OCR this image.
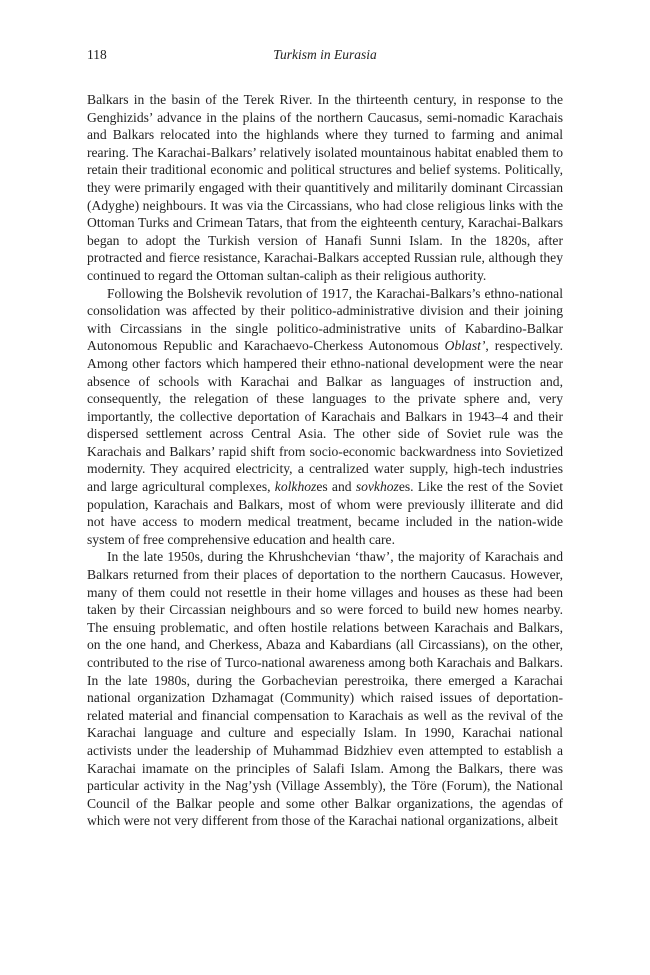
118	Turkism in Eurasia

Balkars in the basin of the Terek River. In the thirteenth century, in response to the Genghizids’ advance in the plains of the northern Caucasus, semi-nomadic Karachais and Balkars relocated into the highlands where they turned to farming and animal rearing. The Karachai-Balkars’ relatively isolated mountainous habitat enabled them to retain their traditional economic and political structures and belief systems. Politically, they were primarily engaged with their quantitively and militarily dominant Circassian (Adyghe) neighbours. It was via the Circassians, who had close religious links with the Ottoman Turks and Crimean Tatars, that from the eighteenth century, Karachai-Balkars began to adopt the Turkish version of Hanafi Sunni Islam. In the 1820s, after protracted and fierce resistance, Karachai-Balkars accepted Russian rule, although they continued to regard the Ottoman sultan-caliph as their religious authority.

Following the Bolshevik revolution of 1917, the Karachai-Balkars’s ethno-national consolidation was affected by their politico-administrative division and their joining with Circassians in the single politico-administrative units of Kabardino-Balkar Autonomous Republic and Karachaevo-Cherkess Autonomous Oblast’, respectively. Among other factors which hampered their ethno-national development were the near absence of schools with Karachai and Balkar as languages of instruction and, consequently, the relegation of these languages to the private sphere and, very importantly, the collective deportation of Karachais and Balkars in 1943–4 and their dispersed settlement across Central Asia. The other side of Soviet rule was the Karachais and Balkars’ rapid shift from socio-economic backwardness into Sovietized modernity. They acquired electricity, a centralized water supply, high-tech industries and large agricultural complexes, kolkhozes and sovkhozes. Like the rest of the Soviet population, Karachais and Balkars, most of whom were previously illiterate and did not have access to modern medical treatment, became included in the nation-wide system of free comprehensive education and health care.

In the late 1950s, during the Khrushchevian ‘thaw’, the majority of Karachais and Balkars returned from their places of deportation to the northern Caucasus. However, many of them could not resettle in their home villages and houses as these had been taken by their Circassian neighbours and so were forced to build new homes nearby. The ensuing problematic, and often hostile relations between Karachais and Balkars, on the one hand, and Cherkess, Abaza and Kabardians (all Circassians), on the other, contributed to the rise of Turco-national awareness among both Karachais and Balkars. In the late 1980s, during the Gorbachevian perestroika, there emerged a Karachai national organization Dzhamagat (Community) which raised issues of deportation-related material and financial compensation to Karachais as well as the revival of the Karachai language and culture and especially Islam. In 1990, Karachai national activists under the leadership of Muhammad Bidzhiev even attempted to establish a Karachai imamate on the principles of Salafi Islam. Among the Balkars, there was particular activity in the Nag’ysh (Village Assembly), the Töre (Forum), the National Council of the Balkar people and some other Balkar organizations, the agendas of which were not very different from those of the Karachai national organizations, albeit
